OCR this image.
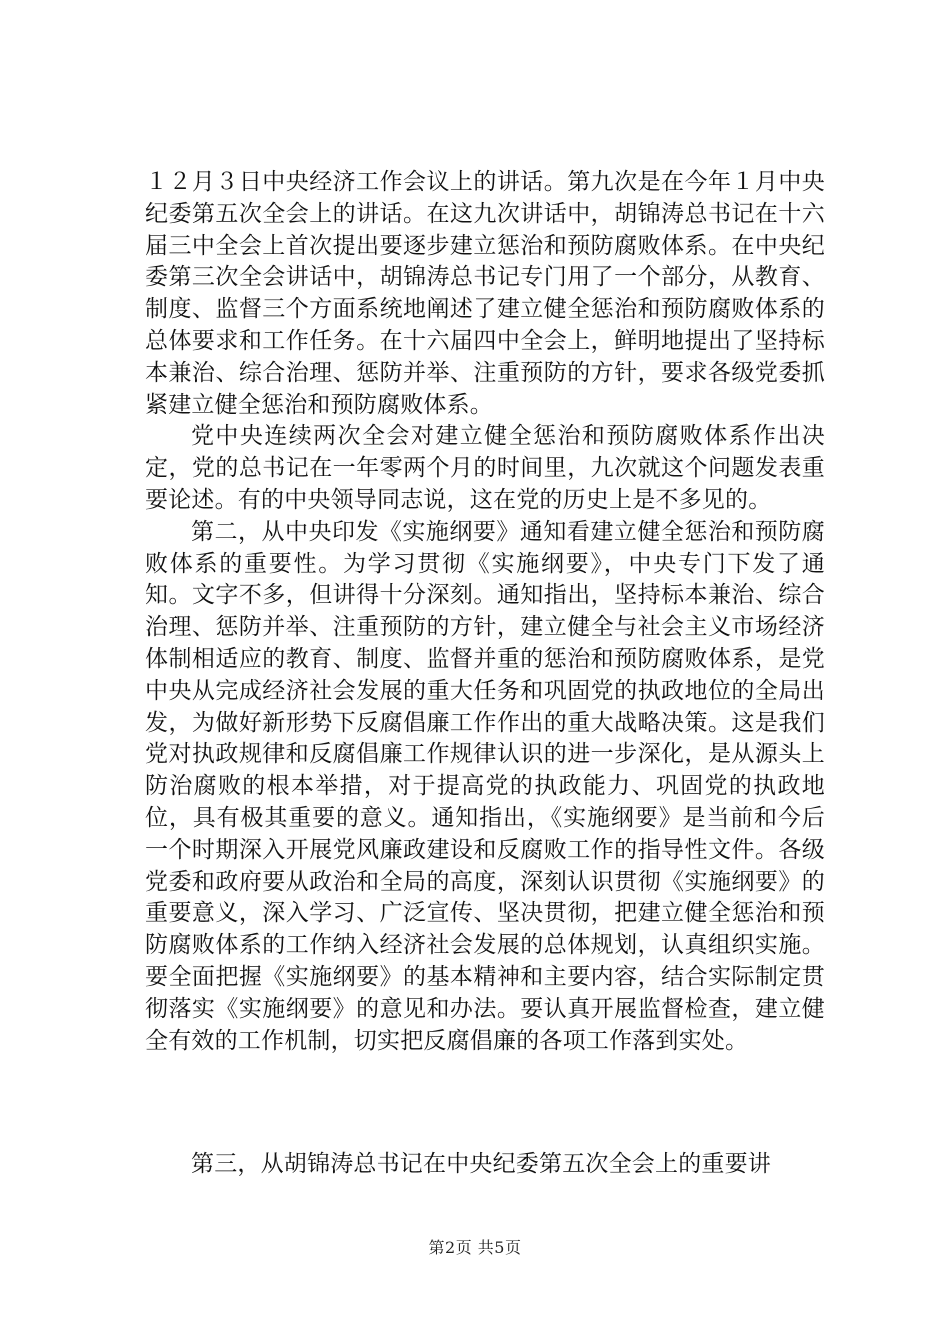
１２月３日中央经济工作会议上的讲话。第九次是在今年１月中央纪委第五次全会上的讲话。在这九次讲话中，胡锦涛总书记在十六届三中全会上首次提出要逐步建立惩治和预防腐败体系。在中央纪委第三次全会讲话中，胡锦涛总书记专门用了一个部分，从教育、制度、监督三个方面系统地阐述了建立健全惩治和预防腐败体系的总体要求和工作任务。在十六届四中全会上，鲜明地提出了坚持标本兼治、综合治理、惩防并举、注重预防的方针，要求各级党委抓紧建立健全惩治和预防腐败体系。

党中央连续两次全会对建立健全惩治和预防腐败体系作出决定，党的总书记在一年零两个月的时间里，九次就这个问题发表重要论述。有的中央领导同志说，这在党的历史上是不多见的。

第二，从中央印发《实施纲要》通知看建立健全惩治和预防腐败体系的重要性。为学习贯彻《实施纲要》，中央专门下发了通知。文字不多，但讲得十分深刻。通知指出，坚持标本兼治、综合治理、惩防并举、注重预防的方针，建立健全与社会主义市场经济体制相适应的教育、制度、监督并重的惩治和预防腐败体系，是党中央从完成经济社会发展的重大任务和巩固党的执政地位的全局出发，为做好新形势下反腐倡廉工作作出的重大战略决策。这是我们党对执政规律和反腐倡廉工作规律认识的进一步深化，是从源头上防治腐败的根本举措，对于提高党的执政能力、巩固党的执政地位，具有极其重要的意义。通知指出，《实施纲要》是当前和今后一个时期深入开展党风廉政建设和反腐败工作的指导性文件。各级党委和政府要从政治和全局的高度，深刻认识贯彻《实施纲要》的重要意义，深入学习、广泛宣传、坚决贯彻，把建立健全惩治和预防腐败体系的工作纳入经济社会发展的总体规划，认真组织实施。要全面把握《实施纲要》的基本精神和主要内容，结合实际制定贯彻落实《实施纲要》的意见和办法。要认真开展监督检查，建立健全有效的工作机制，切实把反腐倡廉的各项工作落到实处。

第三，从胡锦涛总书记在中央纪委第五次全会上的重要讲

第2页 共5页
